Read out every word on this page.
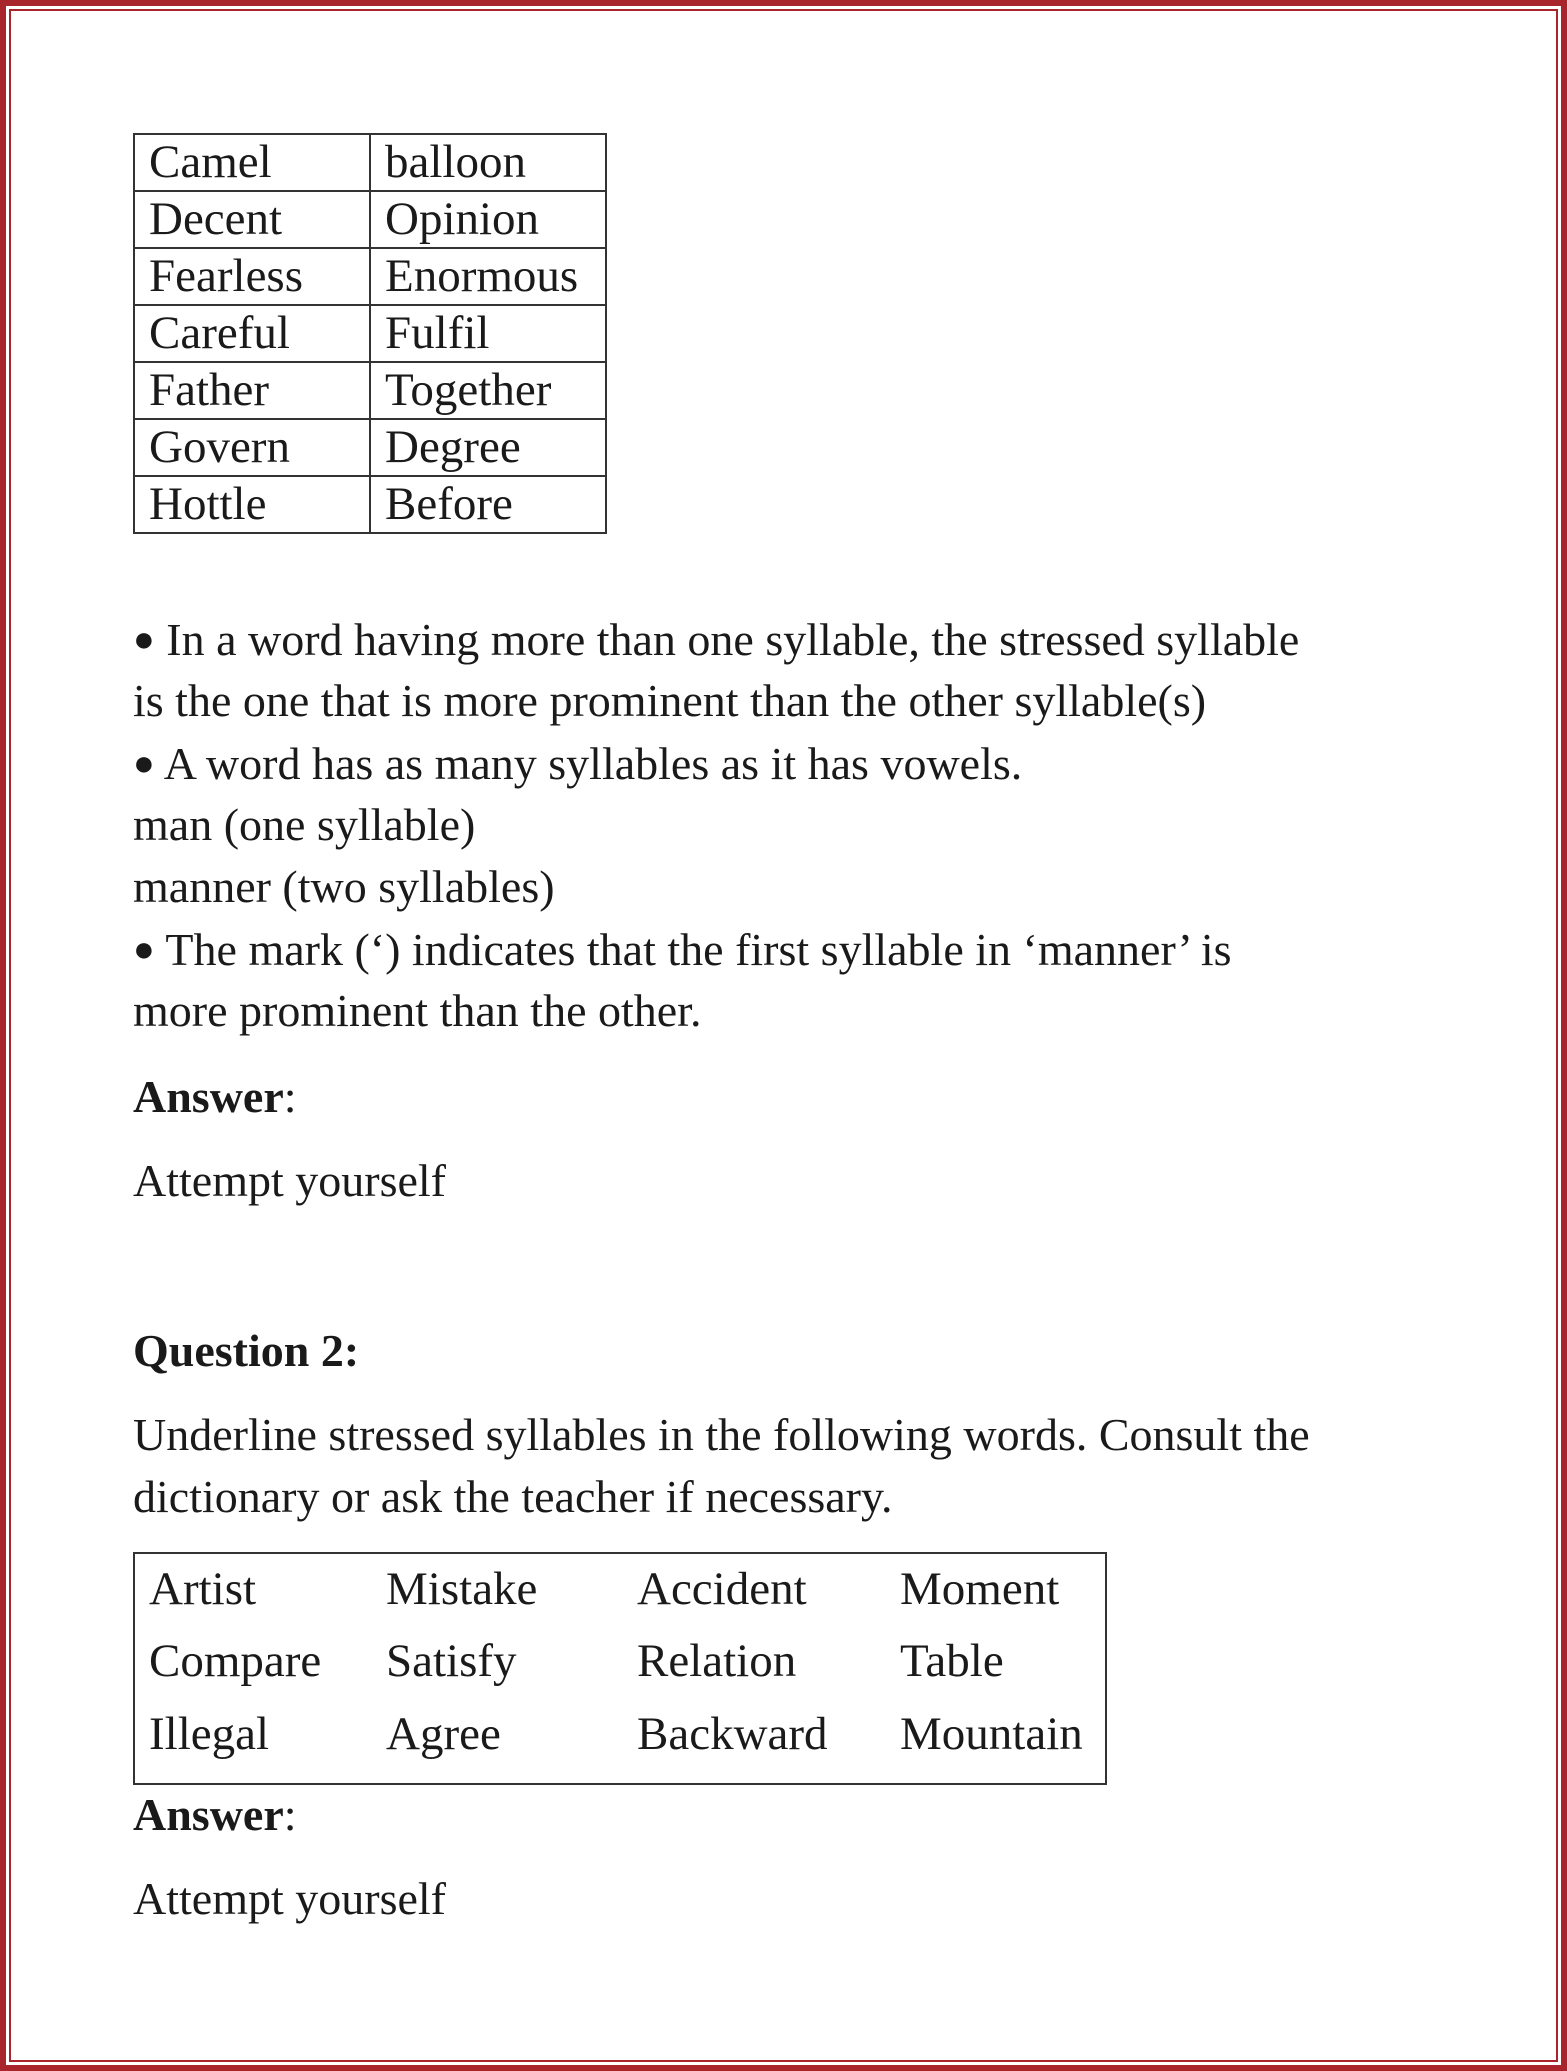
Camel	balloon
Decent	Opinion
Fearless	Enormous
Careful	Fulfil
Father	Together
Govern	Degree
Hottle	Before

● In a word having more than one syllable, the stressed syllable

is the one that is more prominent than the other syllable(s)

● A word has as many syllables as it has vowels.

man (one syllable)

manner (two syllables)

● The mark (‘) indicates that the first syllable in ‘manner’ is

more prominent than the other.

Answer:

Attempt yourself

Question 2:

Underline stressed syllables in the following words. Consult the

dictionary or ask the teacher if necessary.

Artist	Mistake Accident Moment
Compare Satisfy	Relation Table
Illegal Agree	Backward Mountain

Answer:

Attempt yourself
